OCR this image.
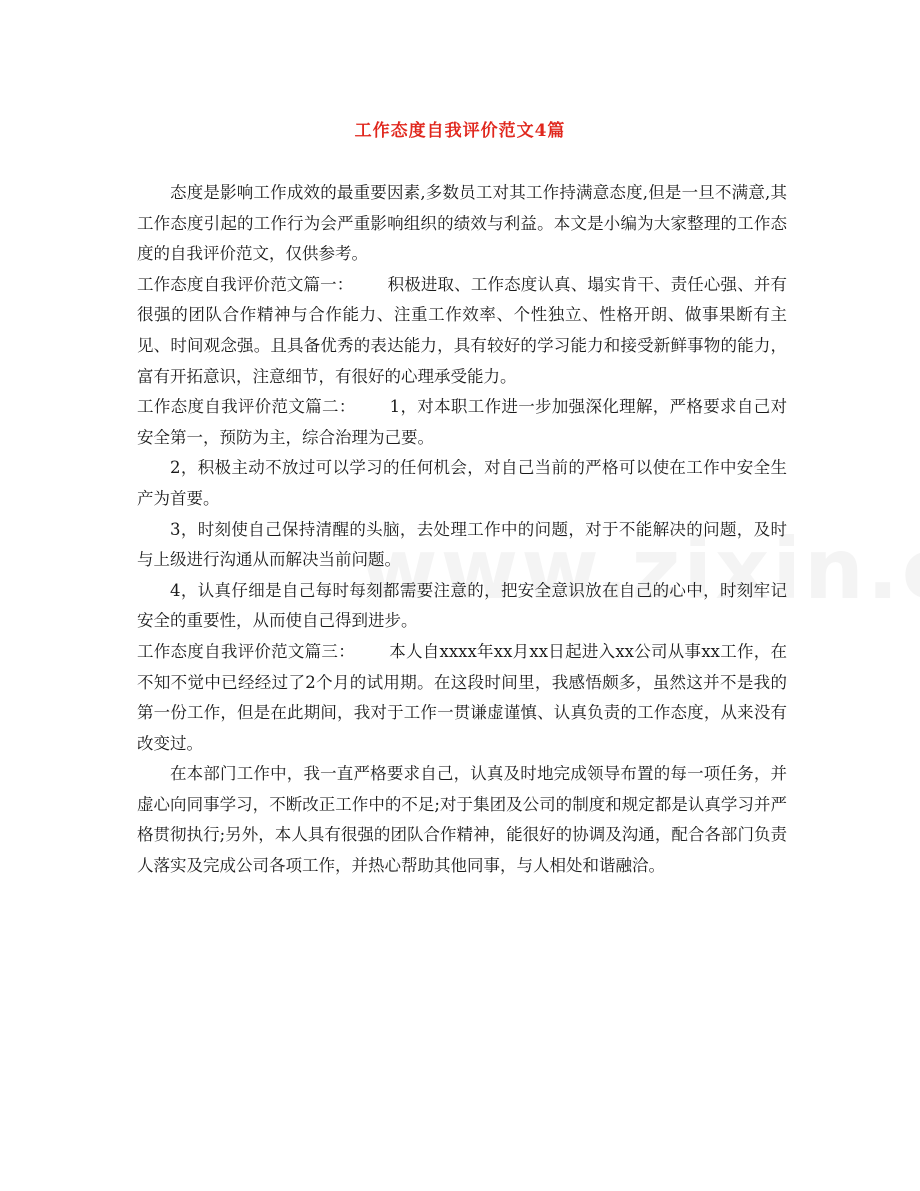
工作态度自我评价范文4篇

态度是影响工作成效的最重要因素,多数员工对其工作持满意态度,但是一旦不满意,其工作态度引起的工作行为会严重影响组织的绩效与利益。本文是小编为大家整理的工作态度的自我评价范文，仅供参考。

工作态度自我评价范文篇一： 积极进取、工作态度认真、塌实肯干、责任心强、并有很强的团队合作精神与合作能力、注重工作效率、个性独立、性格开朗、做事果断有主见、时间观念强。且具备优秀的表达能力，具有较好的学习能力和接受新鲜事物的能力，富有开拓意识，注意细节，有很好的心理承受能力。

工作态度自我评价范文篇二： 1，对本职工作进一步加强深化理解，严格要求自己对安全第一，预防为主，综合治理为己要。

2，积极主动不放过可以学习的任何机会，对自己当前的严格可以使在工作中安全生产为首要。

3，时刻使自己保持清醒的头脑，去处理工作中的问题，对于不能解决的问题，及时与上级进行沟通从而解决当前问题。

4，认真仔细是自己每时每刻都需要注意的，把安全意识放在自己的心中，时刻牢记安全的重要性，从而使自己得到进步。

工作态度自我评价范文篇三： 本人自xxxx年xx月xx日起进入xx公司从事xx工作，在不知不觉中已经经过了2个月的试用期。在这段时间里，我感悟颇多，虽然这并不是我的第一份工作，但是在此期间，我对于工作一贯谦虚谨慎、认真负责的工作态度，从来没有改变过。

在本部门工作中，我一直严格要求自己，认真及时地完成领导布置的每一项任务，并虚心向同事学习，不断改正工作中的不足;对于集团及公司的制度和规定都是认真学习并严格贯彻执行;另外，本人具有很强的团队合作精神，能很好的协调及沟通，配合各部门负责人落实及完成公司各项工作，并热心帮助其他同事，与人相处和谐融洽。
